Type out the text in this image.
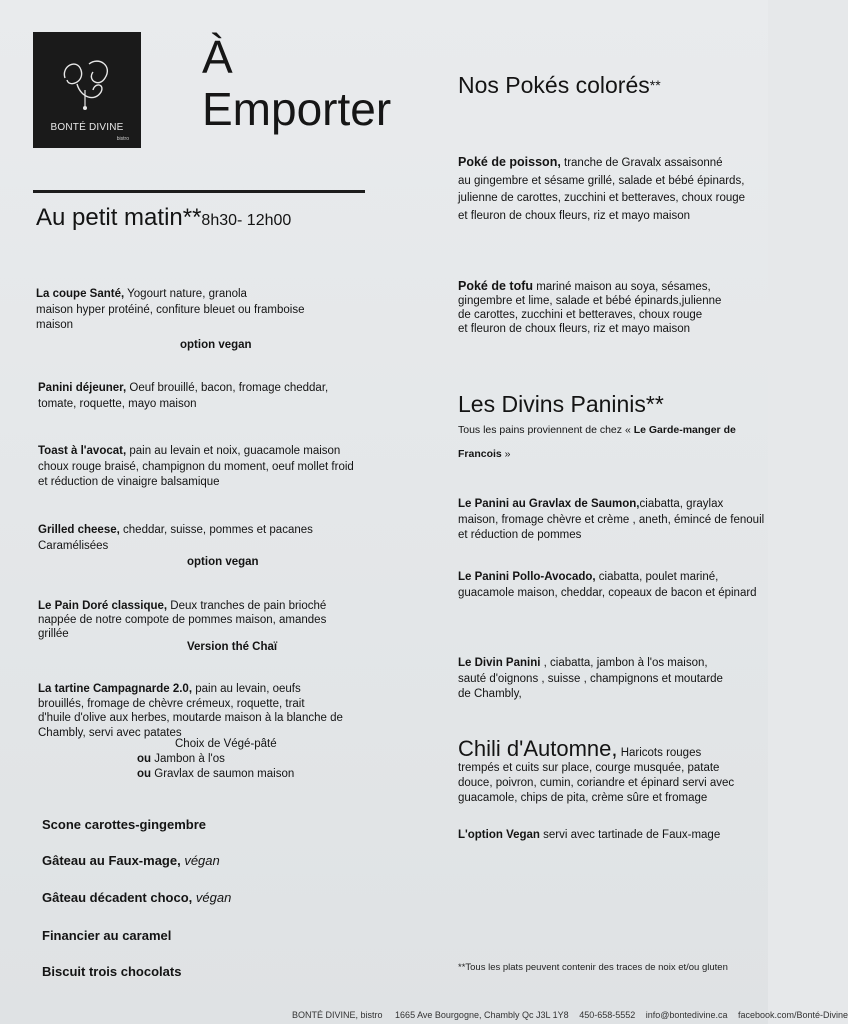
BONTÉ DIVINE
bistro
À
Emporter
Au petit matin**8h30- 12h00
La coupe Santé, Yogourt nature, granola
maison hyper protéiné, confiture bleuet ou framboise
maison
option vegan
Panini déjeuner, Oeuf brouillé, bacon, fromage cheddar,
tomate, roquette, mayo maison
Toast à l'avocat, pain au levain et noix, guacamole maison
choux rouge braisé, champignon du moment, oeuf mollet froid
et réduction de vinaigre balsamique
Grilled cheese, cheddar, suisse, pommes et pacanes
Caramélisées
option vegan
Le Pain Doré classique, Deux tranches de pain brioché
nappée de notre compote de pommes maison, amandes
grillée
Version thé Chaï
La tartine Campagnarde 2.0, pain au levain, oeufs
brouillés, fromage de chèvre crémeux, roquette, trait
d'huile d'olive aux herbes, moutarde maison à la blanche de
Chambly, servi avec patates
Choix de Végé-pâté
ou Jambon à l'os
ou Gravlax de saumon maison
Scone carottes-gingembre
Gâteau au Faux-mage, végan
Gâteau décadent choco, végan
Financier au caramel
Biscuit trois chocolats
Nos Pokés colorés**
Poké de poisson, tranche de Gravalx assaisonné
au gingembre et sésame grillé, salade et bébé épinards,
julienne de carottes, zucchini et betteraves, choux rouge
et fleuron de choux fleurs, riz et mayo maison
Poké de tofu mariné maison au soya, sésames,
gingembre et lime, salade et bébé épinards,julienne
de carottes, zucchini et betteraves, choux rouge
et fleuron de choux fleurs, riz et mayo maison
Les Divins Paninis**
Tous les pains proviennent de chez « Le Garde-manger de
Francois »
Le Panini au Gravlax de Saumon,ciabatta, graylax
maison, fromage chèvre et crème , aneth, émincé de fenouil
et réduction de pommes
Le Panini Pollo-Avocado, ciabatta, poulet mariné,
guacamole maison, cheddar, copeaux de bacon et épinard
Le Divin Panini , ciabatta, jambon à l'os maison,
sauté d'oignons , suisse , champignons et moutarde
de Chambly,
Chili d'Automne, Haricots rouges
trempés et cuits sur place, courge musquée, patate
douce, poivron, cumin, coriandre et épinard servi avec
guacamole, chips de pita, crème sûre et fromage
L'option Vegan servi avec tartinade de Faux-mage
**Tous les plats peuvent contenir des traces de noix et/ou gluten
BONTÉ DIVINE, bistro 1665 Ave Bourgogne, Chambly Qc J3L 1Y8 450-658-5552 info@bontedivine.ca facebook.com/Bonté-Divine
